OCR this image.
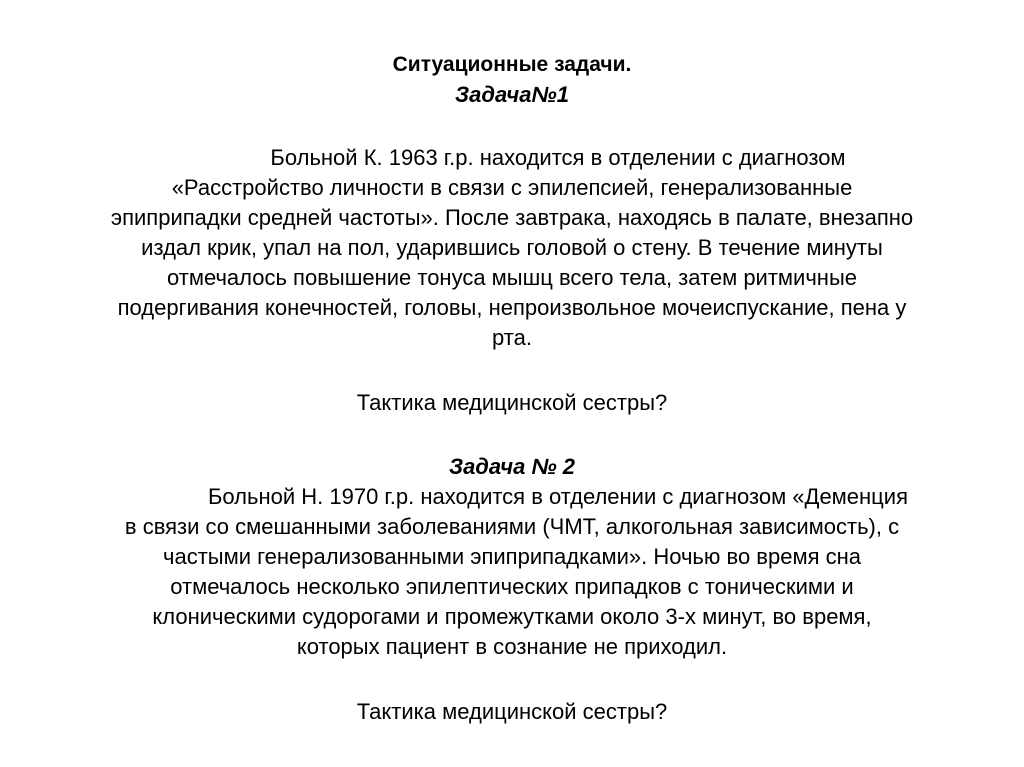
Ситуационные задачи.
Задача№1
Больной К. 1963 г.р. находится в отделении с диагнозом
«Расстройство личности в связи с эпилепсией, генерализованные
эпиприпадки средней частоты». После завтрака, находясь в палате, внезапно
издал крик, упал на пол, ударившись головой о стену. В течение минуты
отмечалось повышение тонуса мышц всего тела, затем ритмичные
подергивания конечностей, головы, непроизвольное мочеиспускание, пена у
рта.
Тактика медицинской сестры?
Задача № 2
Больной Н. 1970 г.р. находится в отделении с диагнозом «Деменция
в связи со смешанными заболеваниями (ЧМТ, алкогольная зависимость), с
частыми генерализованными эпиприпадками». Ночью во время сна
отмечалось несколько эпилептических припадков с тоническими и
клоническими судорогами и промежутками около 3-х минут, во время,
которых пациент в сознание не приходил.
Тактика медицинской сестры?
